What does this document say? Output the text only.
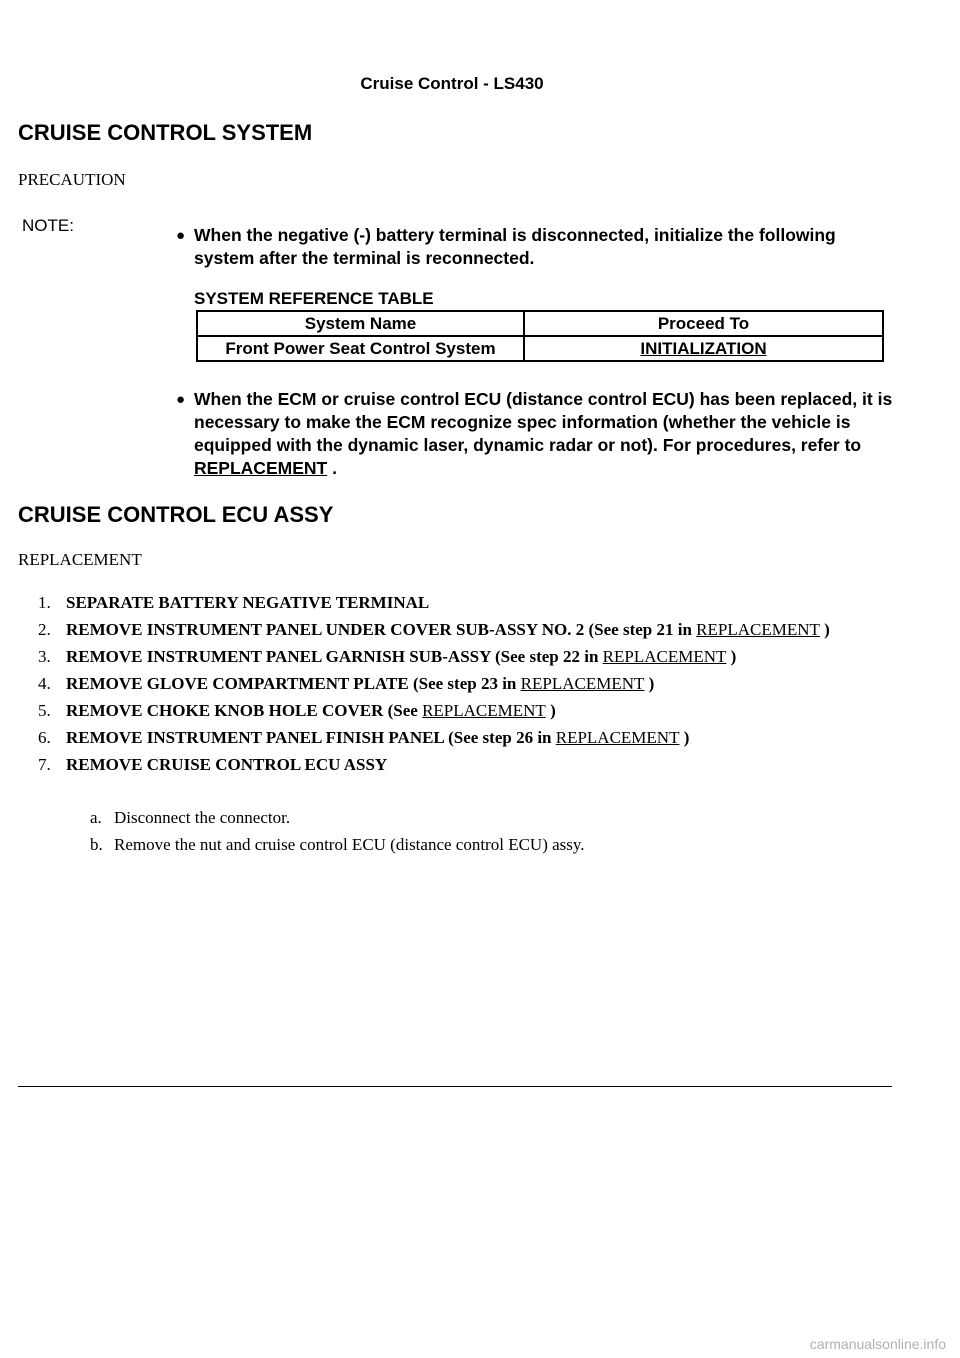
Cruise Control - LS430
CRUISE CONTROL SYSTEM
PRECAUTION
NOTE:
● When the negative (-) battery terminal is disconnected, initialize the following system after the terminal is reconnected.
SYSTEM REFERENCE TABLE
System Name	Proceed To
Front Power Seat Control System	INITIALIZATION
● When the ECM or cruise control ECU (distance control ECU) has been replaced, it is necessary to make the ECM recognize spec information (whether the vehicle is equipped with the dynamic laser, dynamic radar or not). For procedures, refer to REPLACEMENT .
CRUISE CONTROL ECU ASSY
REPLACEMENT
1. SEPARATE BATTERY NEGATIVE TERMINAL
2. REMOVE INSTRUMENT PANEL UNDER COVER SUB-ASSY NO. 2 (See step 21 in REPLACEMENT )
3. REMOVE INSTRUMENT PANEL GARNISH SUB-ASSY (See step 22 in REPLACEMENT )
4. REMOVE GLOVE COMPARTMENT PLATE (See step 23 in REPLACEMENT )
5. REMOVE CHOKE KNOB HOLE COVER (See REPLACEMENT )
6. REMOVE INSTRUMENT PANEL FINISH PANEL (See step 26 in REPLACEMENT )
7. REMOVE CRUISE CONTROL ECU ASSY
a. Disconnect the connector.
b. Remove the nut and cruise control ECU (distance control ECU) assy.
carmanualsonline.info
